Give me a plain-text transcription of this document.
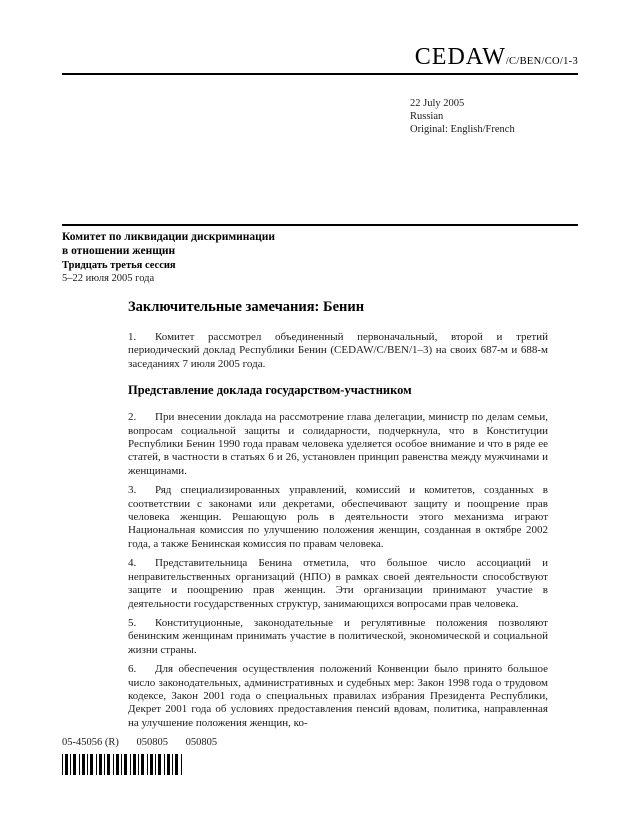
CEDAW/C/BEN/CO/1-3
22 July 2005
Russian
Original: English/French
Комитет по ликвидации дискриминации
в отношении женщин
Тридцать третья сессия
5–22 июля 2005 года
Заключительные замечания: Бенин

1. Комитет рассмотрел объединенный первоначальный, второй и третий периодический доклад Республики Бенин (CEDAW/C/BEN/1–3) на своих 687-м и 688-м заседаниях 7 июля 2005 года.

Представление доклада государством-участником

2. При внесении доклада на рассмотрение глава делегации, министр по делам семьи, вопросам социальной защиты и солидарности, подчеркнула, что в Конституции Республики Бенин 1990 года правам человека уделяется особое внимание и что в ряде ее статей, в частности в статьях 6 и 26, установлен принцип равенства между мужчинами и женщинами.

3. Ряд специализированных управлений, комиссий и комитетов, созданных в соответствии с законами или декретами, обеспечивают защиту и поощрение прав человека женщин. Решающую роль в деятельности этого механизма играют Национальная комиссия по улучшению положения женщин, созданная в октябре 2002 года, а также Бенинская комиссия по правам человека.

4. Представительница Бенина отметила, что большое число ассоциаций и неправительственных организаций (НПО) в рамках своей деятельности способствуют защите и поощрению прав женщин. Эти организации принимают участие в деятельности государственных структур, занимающихся вопросами прав человека.

5. Конституционные, законодательные и регулятивные положения позволяют бенинским женщинам принимать участие в политической, экономической и социальной жизни страны.

6. Для обеспечения осуществления положений Конвенции было принято большое число законодательных, административных и судебных мер: Закон 1998 года о трудовом кодексе, Закон 2001 года о специальных правилах избрания Президента Республики, Декрет 2001 года об условиях предоставления пенсий вдовам, политика, направленная на улучшение положения женщин, ко-

05-45056 (R) 050805 050805
